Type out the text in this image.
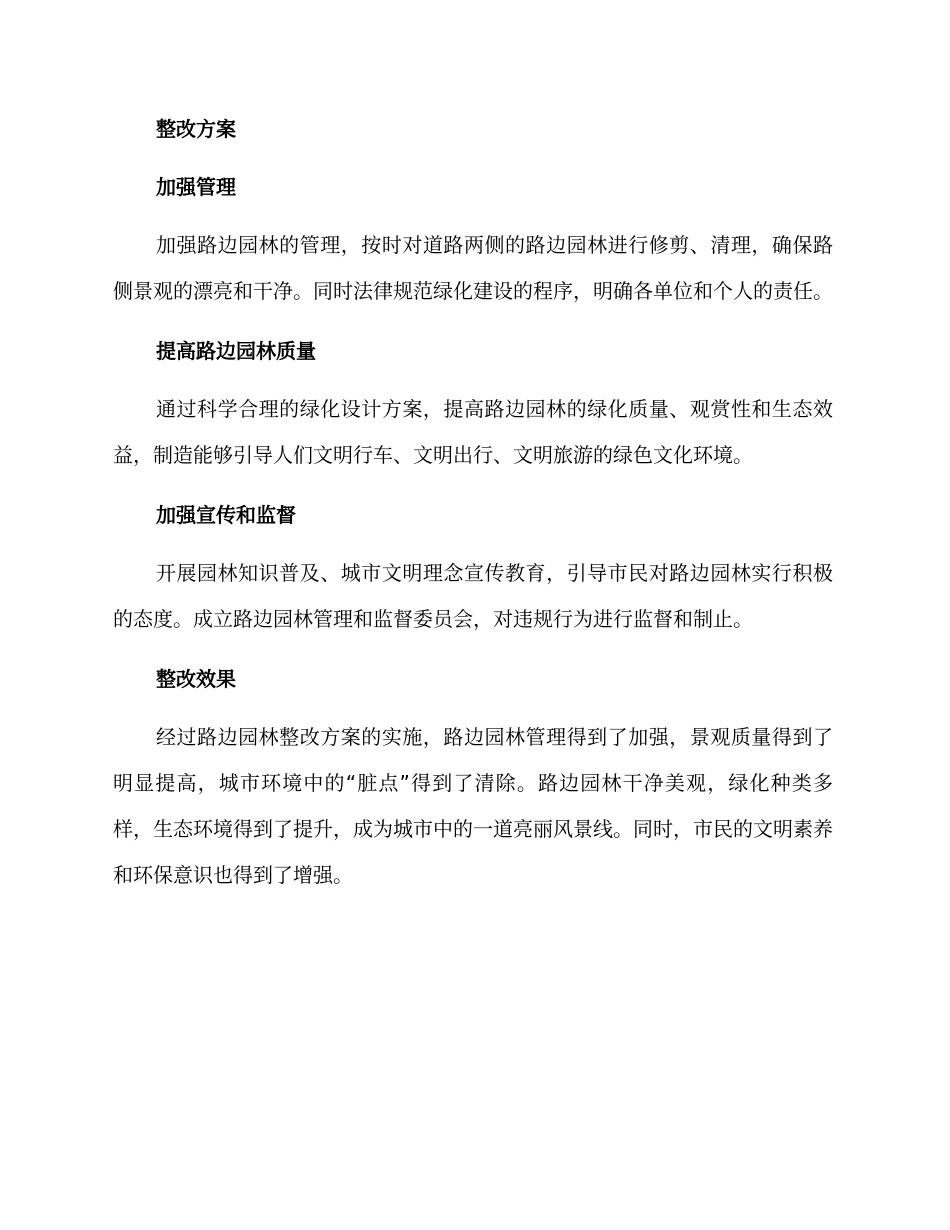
整改方案
加强管理

加强路边园林的管理，按时对道路两侧的路边园林进行修剪、清理，确保路侧景观的漂亮和干净。同时法律规范绿化建设的程序，明确各单位和个人的责任。

提高路边园林质量

通过科学合理的绿化设计方案，提高路边园林的绿化质量、观赏性和生态效益，制造能够引导人们文明行车、文明出行、文明旅游的绿色文化环境。

加强宣传和监督

开展园林知识普及、城市文明理念宣传教育，引导市民对路边园林实行积极的态度。成立路边园林管理和监督委员会，对违规行为进行监督和制止。

整改效果

经过路边园林整改方案的实施，路边园林管理得到了加强，景观质量得到了明显提高，城市环境中的“脏点”得到了清除。路边园林干净美观，绿化种类多样，生态环境得到了提升，成为城市中的一道亮丽风景线。同时，市民的文明素养和环保意识也得到了增强。
